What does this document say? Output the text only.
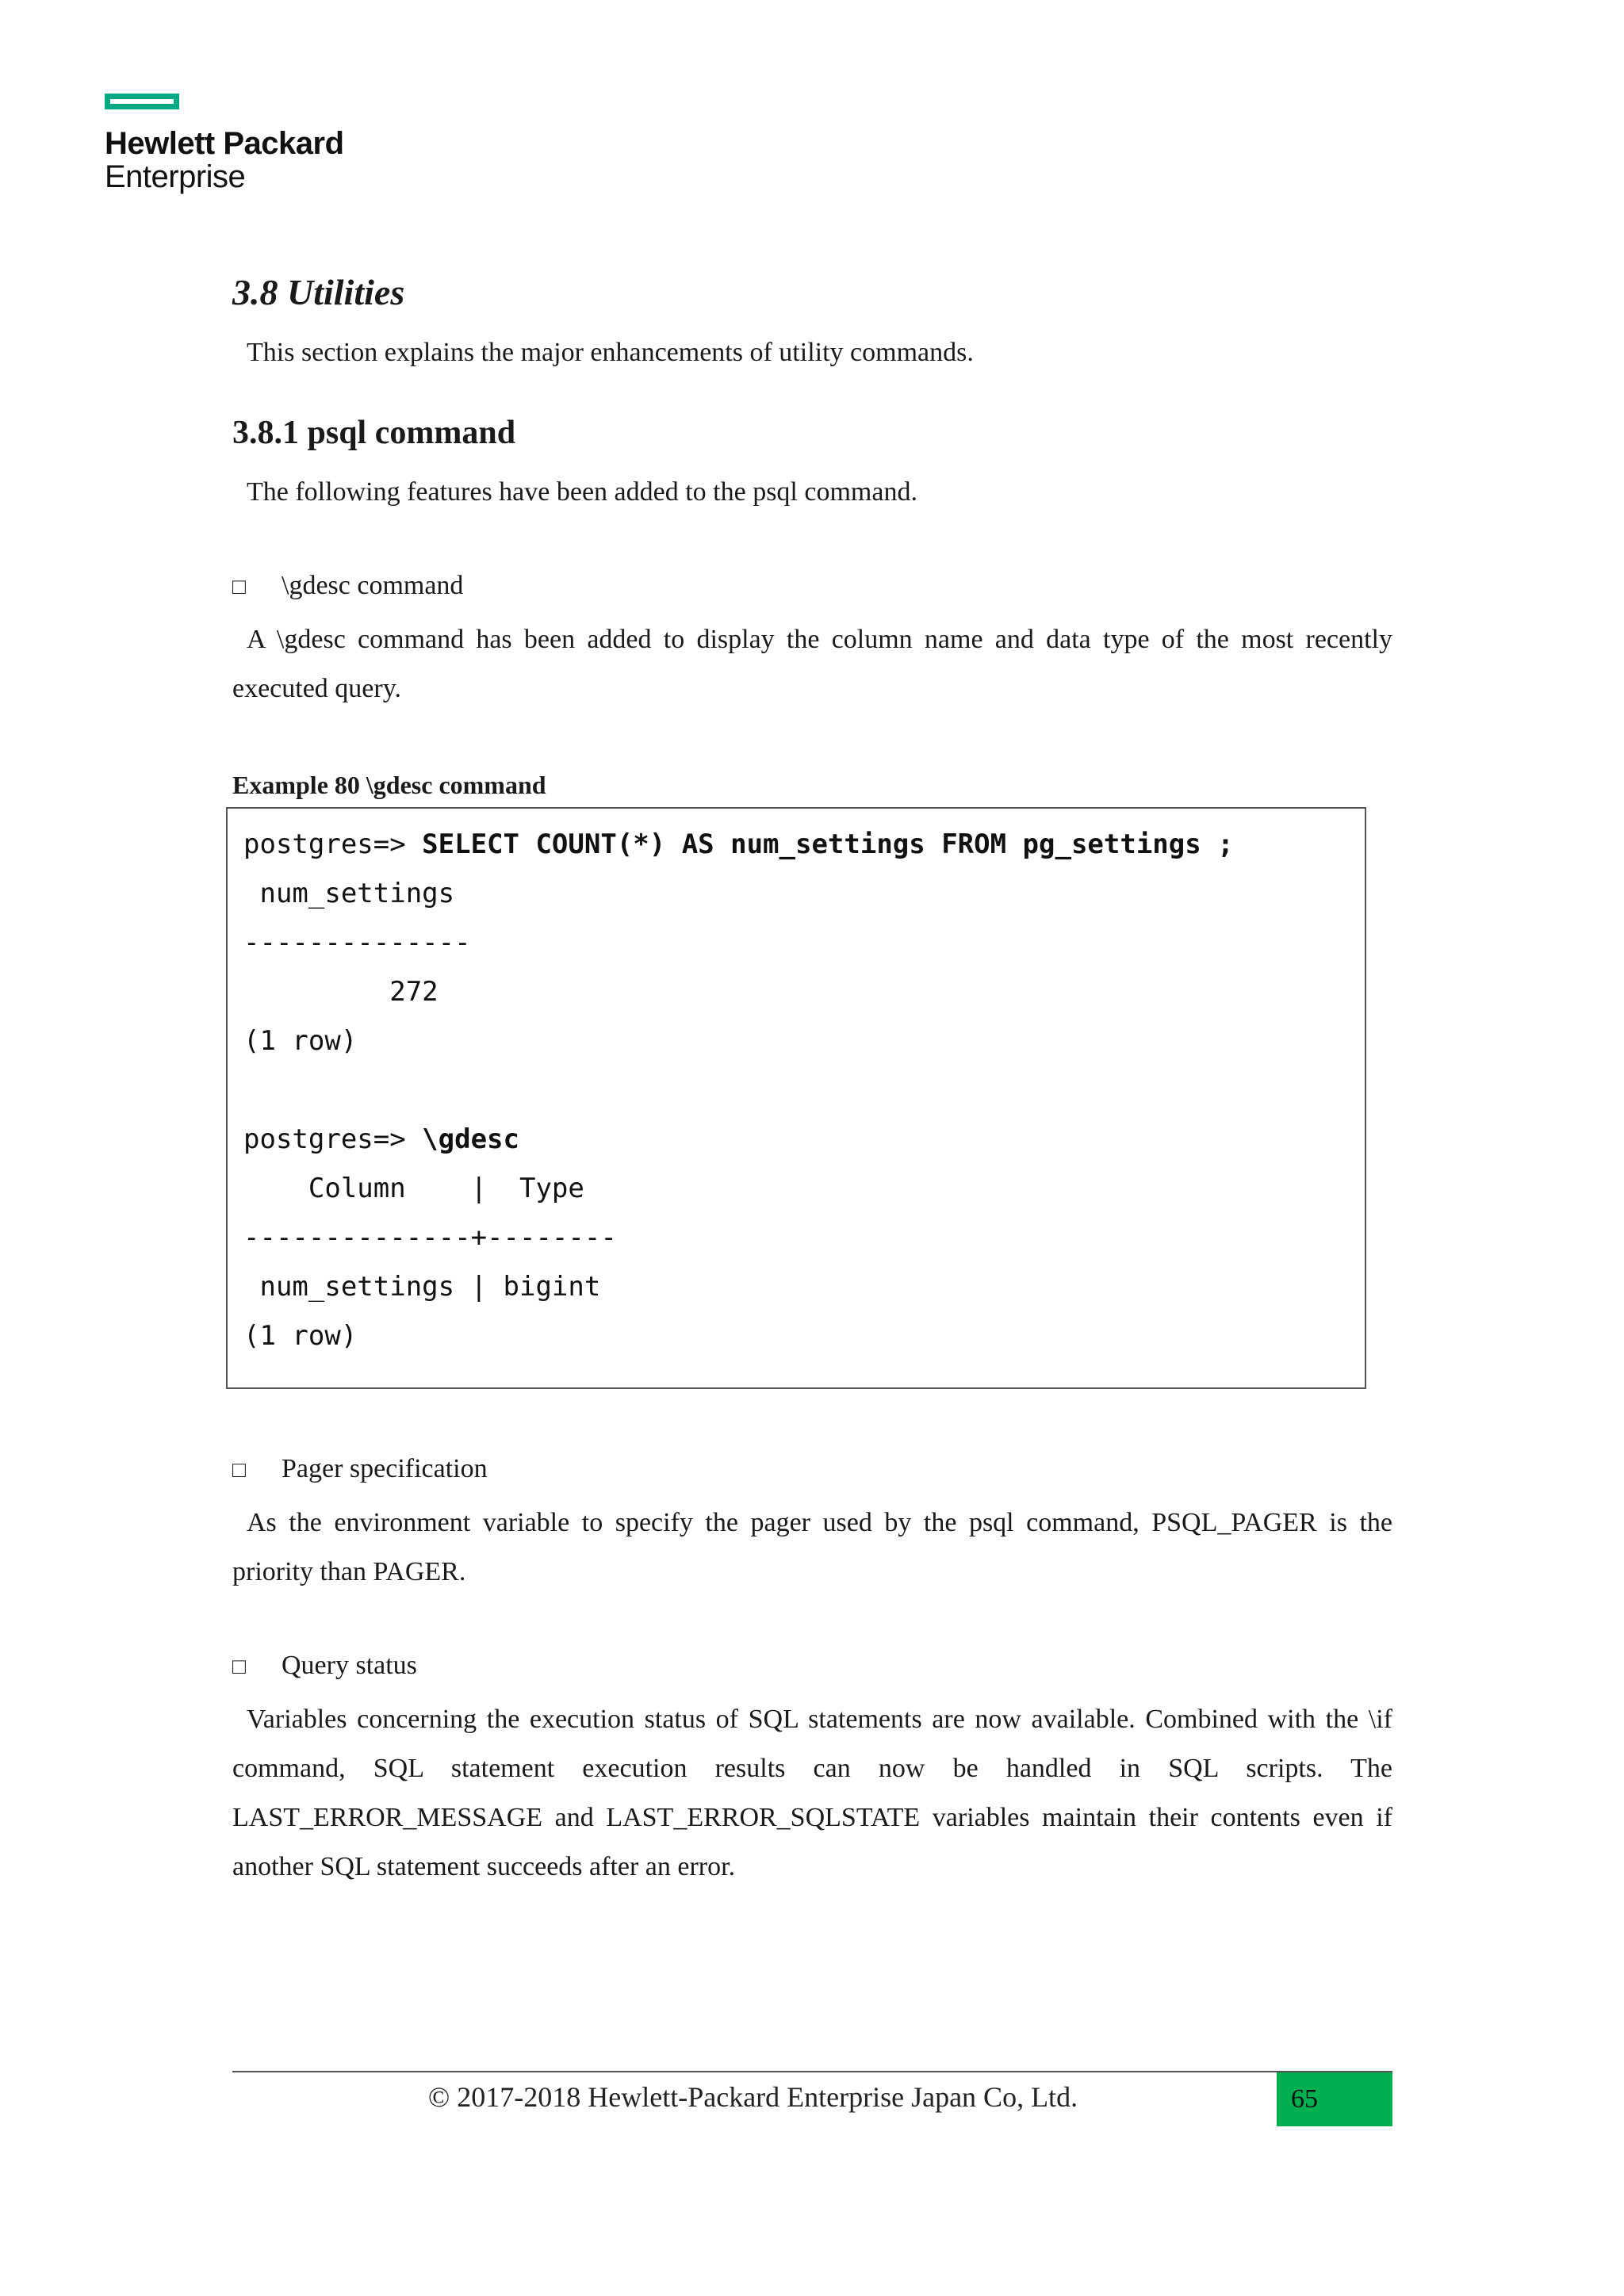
Hewlett Packard
Enterprise
3.8 Utilities
This section explains the major enhancements of utility commands.
3.8.1 psql command
The following features have been added to the psql command.
□ \gdesc command
A \gdesc command has been added to display the column name and data type of the most recently executed query.
Example 80 \gdesc command
postgres=> SELECT COUNT(*) AS num_settings FROM pg_settings ;
num_settings
--------------
272
(1 row)

postgres=> \gdesc
Column    |  Type
--------------+--------
num_settings | bigint
(1 row)
□ Pager specification
As the environment variable to specify the pager used by the psql command, PSQL_PAGER is the priority than PAGER.
□ Query status
Variables concerning the execution status of SQL statements are now available. Combined with the \if command, SQL statement execution results can now be handled in SQL scripts. The LAST_ERROR_MESSAGE and LAST_ERROR_SQLSTATE variables maintain their contents even if another SQL statement succeeds after an error.
© 2017-2018 Hewlett-Packard Enterprise Japan Co, Ltd.	65
